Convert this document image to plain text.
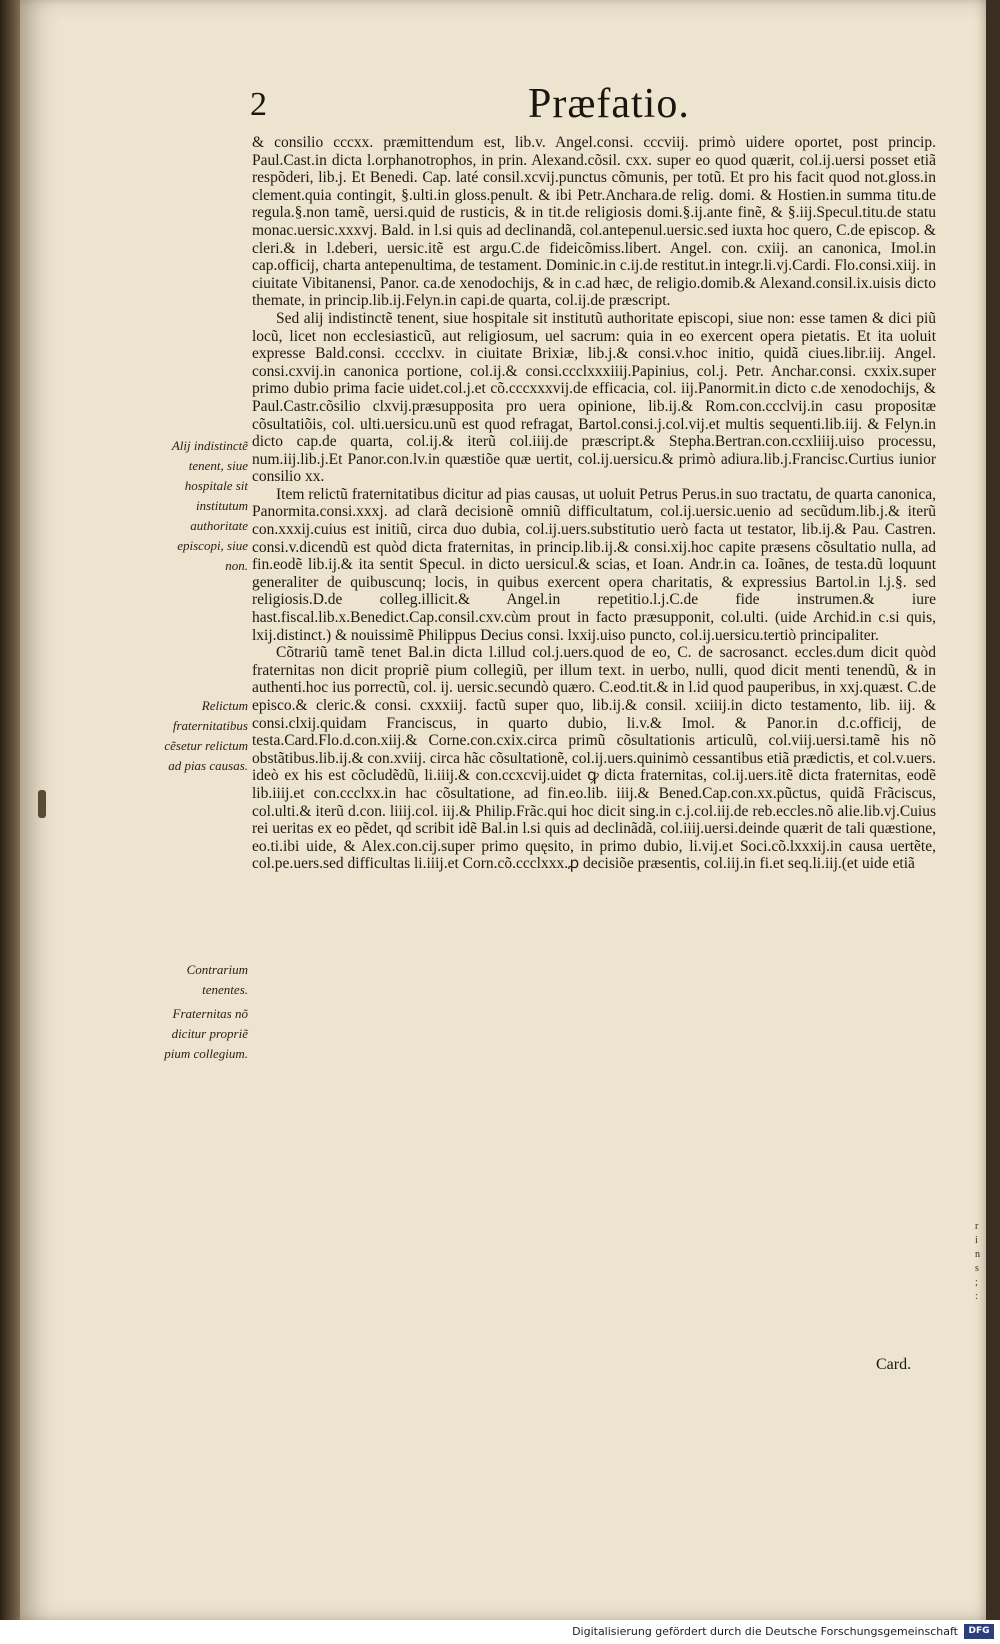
2	Præfatio.

& consilio cccxx. præmittendum est, lib.v. Angel.consi. cccviij. primò uidere oportet, post princip. Paul.Cast.in dicta l.orphanotrophos, in prin. Alexand.cõsil. cxx. super eo quod quærit, col.ij.uersi posset etiã respõderi, lib.j. Et Benedi. Cap. laté consil.xcvij.punctus cõmunis, per totũ. Et pro his facit quod not.gloss.in clement.quia contingit, §.ulti.in gloss.penult. & ibi Petr.Anchara.de relig. domi. & Hostien.in summa titu.de regula.§.non tamẽ, uersi.quid de rusticis, & in tit.de religiosis domi.§.ij.ante finẽ, & §.iij.Specul.titu.de statu monac.uersic.xxxvj. Bald. in l.si quis ad declinandã, col.antepenul.uersic.sed iuxta hoc quero, C.de episcop. & cleri.& in l.deberi, uersic.itẽ est argu.C.de fideicõmiss.libert. Angel. con. cxiij. an canonica, Imol.in cap.officij, charta antepenultima, de testament. Dominic.in c.ij.de restitut.in integr.li.vj.Cardi. Flo.consi.xiij. in ciuitate Vibitanensi, Panor. ca.de xenodochijs, & in c.ad hæc, de religio.domib.& Alexand.consil.ix.uisis dicto themate, in princip.lib.ij.Felyn.in capi.de quarta, col.ij.de præscript.

Sed alij indistinctẽ tenent, siue hospitale sit institutũ authoritate episcopi, siue non: esse tamen & dici piũ locũ, licet non ecclesiasticũ, aut religiosum, uel sacrum: quia in eo exercent opera pietatis. Et ita uoluit expresse Bald.consi. cccclxv. in ciuitate Brixiæ, lib.j.& consi.v.hoc initio, quidã ciues.libr.iij. Angel. consi.cxvij.in canonica portione, col.ij.& consi.ccclxxxiiij.Papinius, col.j. Petr. Anchar.consi. cxxix.super primo dubio prima facie uidet.col.j.et cõ.cccxxxvij.de efficacia, col. iij.Panormit.in dicto c.de xenodochijs, & Paul.Castr.cõsilio clxvij.præsupposita pro uera opinione, lib.ij.& Rom.con.ccclvij.in casu propositæ cõsultatiõis, col. ulti.uersicu.unũ est quod refragat, Bartol.consi.j.col.vij.et multis sequenti.lib.iij. & Felyn.in dicto cap.de quarta, col.ij.& iterũ col.iiij.de præscript.& Stepha.Bertran.con.ccxliiij.uiso processu, num.iij.lib.j.Et Panor.con.lv.in quæstiõe quæ uertit, col.ij.uersicu.& primò adiura.lib.j.Francisc.Curtius iunior consilio xx.

Item relictũ fraternitatibus dicitur ad pias causas, ut uoluit Petrus Perus.in suo tractatu, de quarta canonica, Panormita.consi.xxxj. ad clarã decisionẽ omniũ difficultatum, col.ij.uersic.uenio ad secũdum.lib.j.& iterũ con.xxxij.cuius est initiũ, circa duo dubia, col.ij.uers.substitutio uerò facta ut testator, lib.ij.& Pau. Castren. consi.v.dicendũ est quòd dicta fraternitas, in princip.lib.ij.& consi.xij.hoc capite præsens cõsultatio nulla, ad fin.eodẽ lib.ij.& ita sentit Specul. in dicto uersicul.& scias, et Ioan. Andr.in ca. Ioãnes, de testa.dũ loquunt generaliter de quibuscunq; locis, in quibus exercent opera charitatis, & expressius Bartol.in l.j.§. sed religiosis.D.de colleg.illicit.& Angel.in repetitio.l.j.C.de fide instrumen.& iure hast.fiscal.lib.x.Benedict.Cap.consil.cxv.cùm prout in facto præsupponit, col.ulti. (uide Archid.in c.si quis, lxij.distinct.) & nouissimẽ Philippus Decius consi. lxxij.uiso puncto, col.ij.uersicu.tertiò principaliter.

Cõtrariũ tamẽ tenet Bal.in dicta l.illud col.j.uers.quod de eo, C. de sacrosanct. eccles.dum dicit quòd fraternitas non dicit propriẽ pium collegiũ, per illum text. in uerbo, nulli, quod dicit menti tenendũ, & in authenti.hoc ius porrectũ, col. ij. uersic.secundò quæro. C.eod.tit.& in l.id quod pauperibus, in xxj.quæst. C.de episco.& cleric.& consi. cxxxiij. factũ super quo, lib.ij.& consil. xciiij.in dicto testamento, lib. iij. & consi.clxij.quidam Franciscus, in quarto dubio, li.v.& Imol. & Panor.in d.c.officij, de testa.Card.Flo.d.con.xiij.& Corne.con.cxix.circa primũ cõsultationis articulũ, col.viij.uersi.tamẽ his nõ obstãtibus.lib.ij.& con.xviij. circa hãc cõsultationẽ, col.ij.uers.quinimò cessantibus etiã prædictis, et col.v.uers. ideò ex his est cõcludẽdũ, li.iiij.& con.ccxcvij.uidet ꝙ dicta fraternitas, col.ij.uers.itẽ dicta fraternitas, eodẽ lib.iiij.et con.ccclxx.in hac cõsultatione, ad fin.eo.lib. iiij.& Bened.Cap.con.xx.pũctus, quidã Frãciscus, col.ulti.& iterũ d.con. liiij.col. iij.& Philip.Frãc.qui hoc dicit sing.in c.j.col.iij.de reb.eccles.nõ alie.lib.vj.Cuius rei ueritas ex eo pẽdet, qd scribit idẽ Bal.in l.si quis ad declinãdã, col.iiij.uersi.deinde quærit de tali quæstione, eo.ti.ibi uide, & Alex.con.cij.super primo quęsito, in primo dubio, li.vij.et Soci.cõ.lxxxij.in causa uertẽte, col.pe.uers.sed difficultas li.iiij.et Corn.cõ.ccclxxx.ꝓ decisiõe præsentis, col.iij.in fi.et seq.li.iij.(et uide etiã

Card.
Alij indistinctẽ tenent, siue hospitale sit institutum authoritate episcopi, siue non.
Relictum fraternitatibus cẽsetur relictum ad pias causas.
Contrarium tenentes.
Fraternitas nõ dicitur propriẽ pium collegium.
r
i
n
s
;
:
Digitalisierung gefördert durch die Deutsche Forschungsgemeinschaft	DFG
